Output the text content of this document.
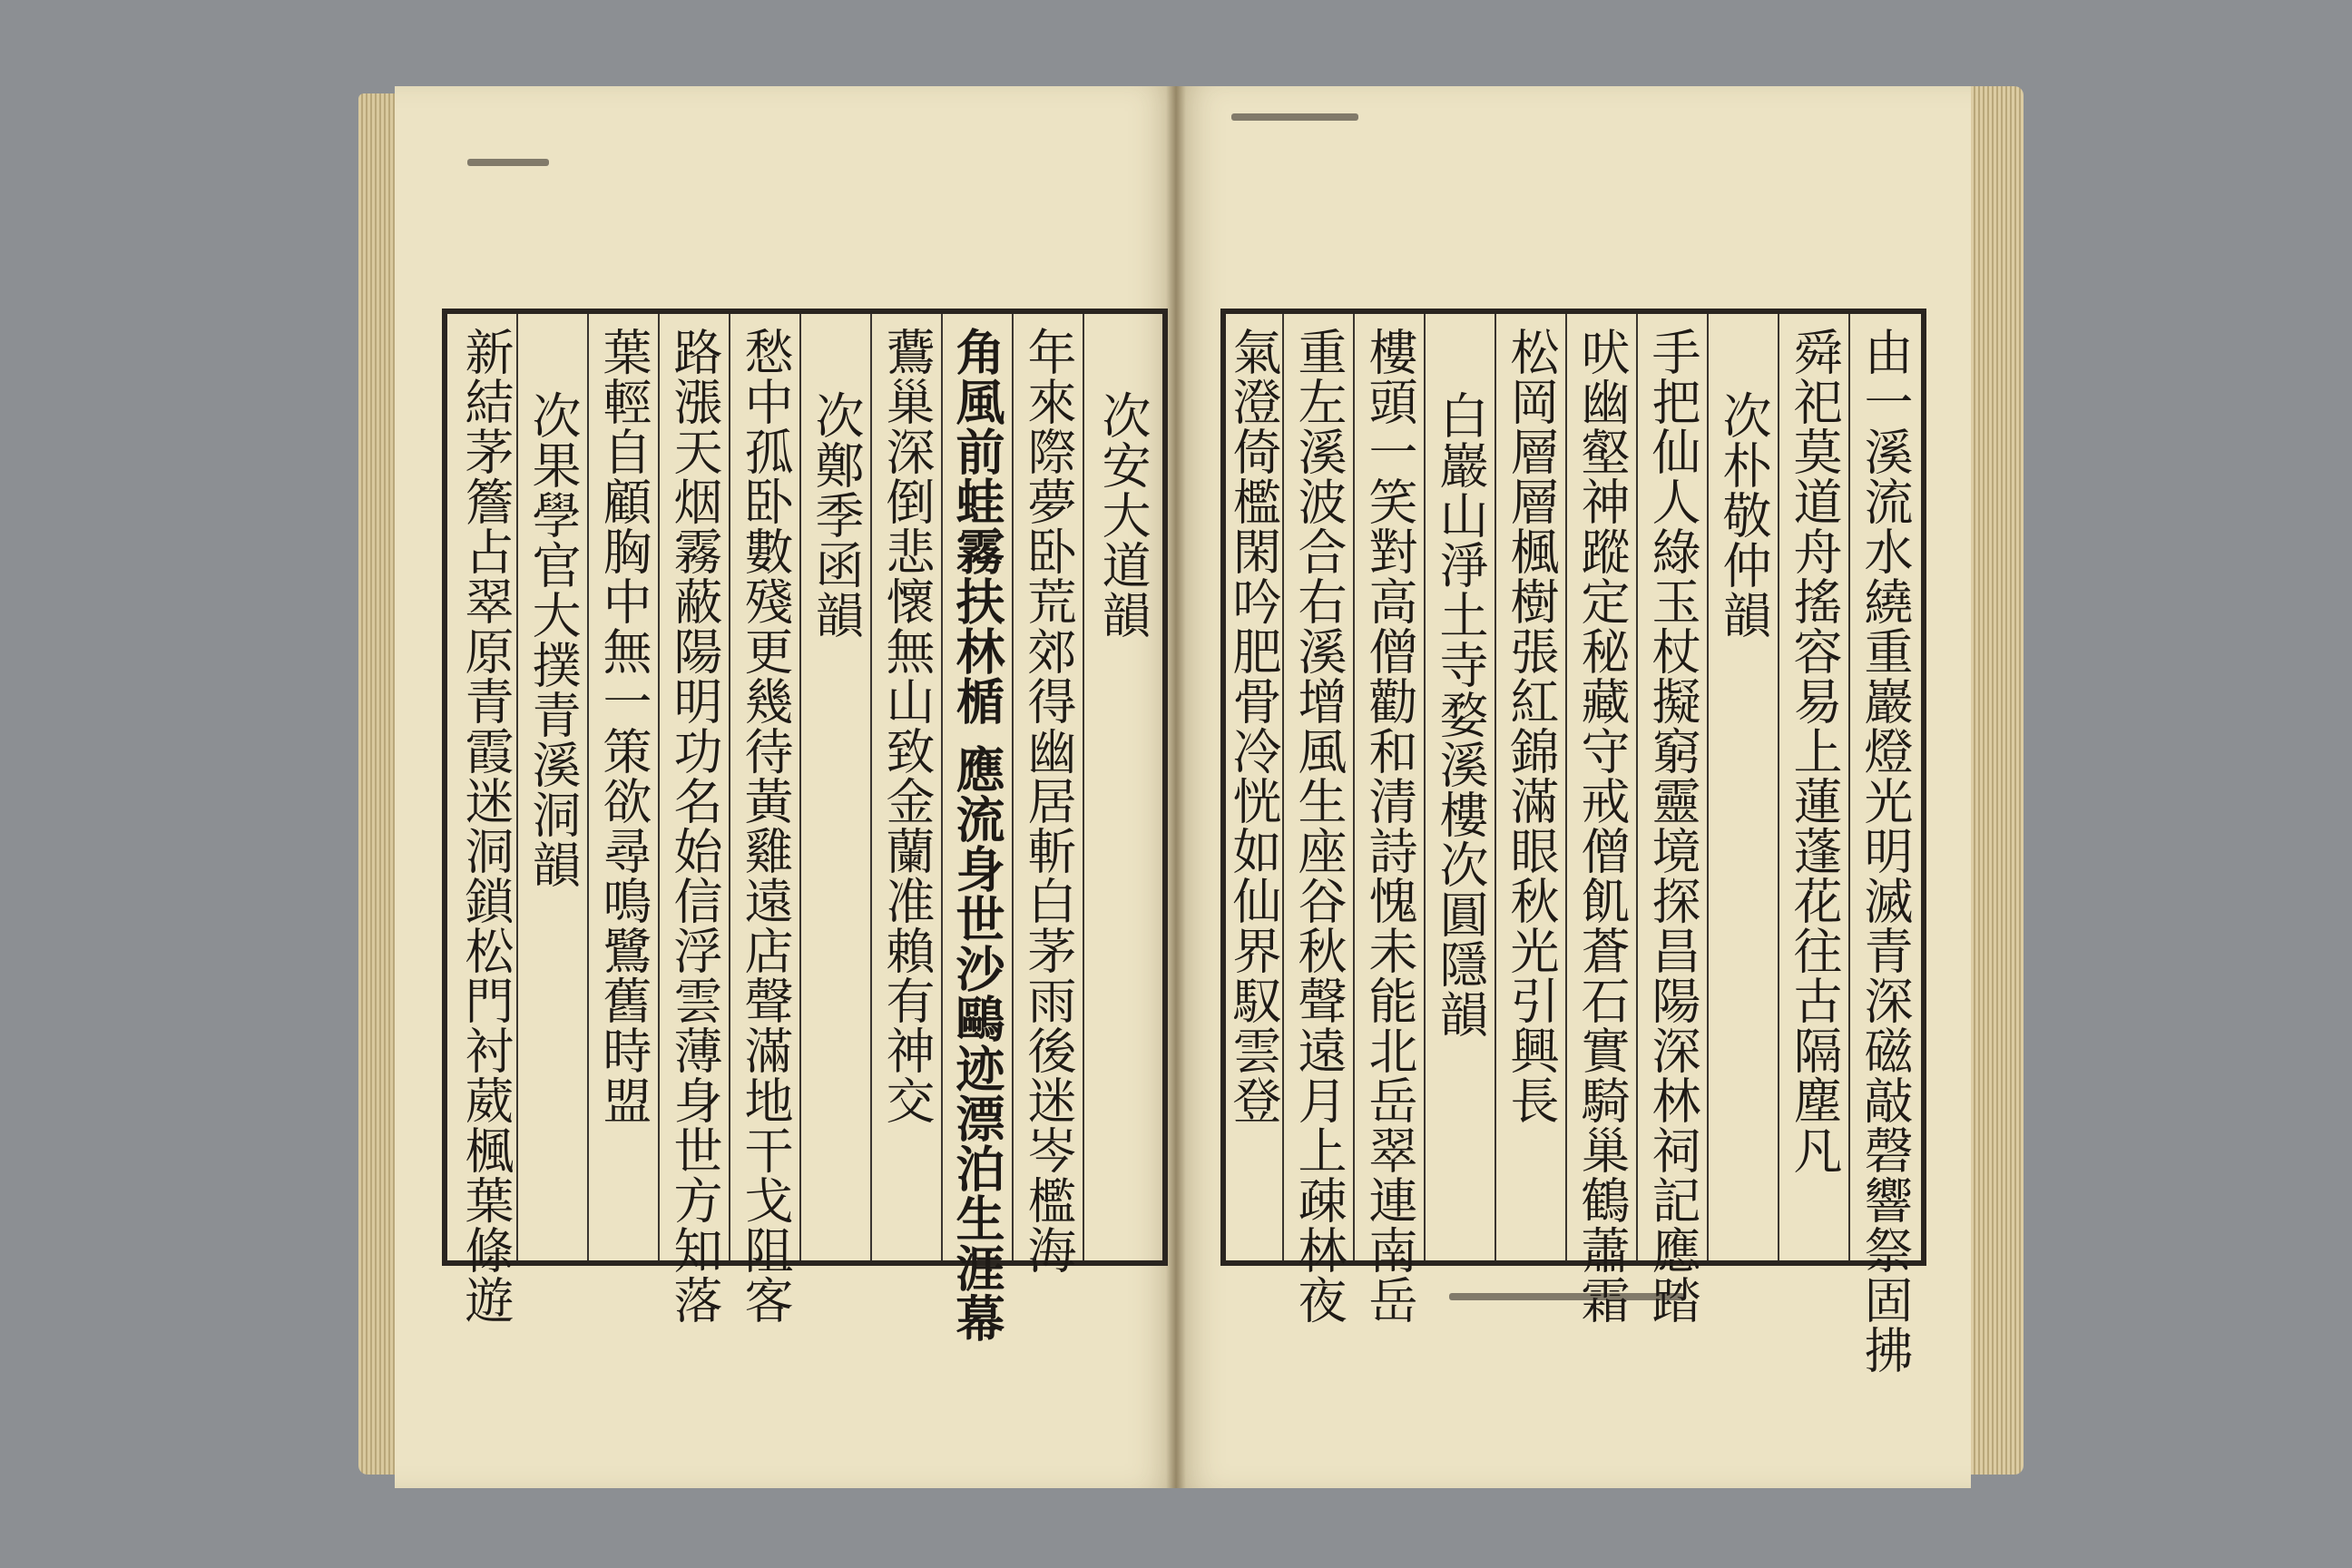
次安大道韻
年來際夢卧荒郊得幽居斬白茅雨後迷岑檻海
角風前蛙霧扶林楯 應流身世沙鷗迹漂泊生涯幕
鷰巢深倒悲懷無山致金蘭准賴有神交
次鄭季函韻
愁中孤卧數殘更幾待黃雞遠店聲滿地干戈阻客
路漲天烟霧蔽陽明功名始信浮雲薄身世方知落
葉輕自顧胸中無一策欲尋鳴鷺舊時盟
次果學官大撲青溪洞韻
新結茅簷占翠原青霞迷洞鎖松門衬葳楓葉條遊	由一溪流水繞重巖燈光明滅青深磁敲磬響祭固拂
舜祀莫道舟搖容易上蓮蓬花往古隔塵凡
次朴敬仲韻
手把仙人綠玉杖擬窮靈境探昌陽深林祠記應踏
吠幽壑神蹤定秘藏守戒僧飢蒼石實騎巢鶴蕭霜
松岡層層楓樹張紅錦滿眼秋光引興長
白巖山淨土寺婺溪樓次圓隱韻
樓頭一笑對高僧勸和清詩愧未能北岳翠連南岳
重左溪波合右溪增風生座谷秋聲遠月上疎林夜
氣澄倚檻閑吟肥骨冷恍如仙界馭雲登
